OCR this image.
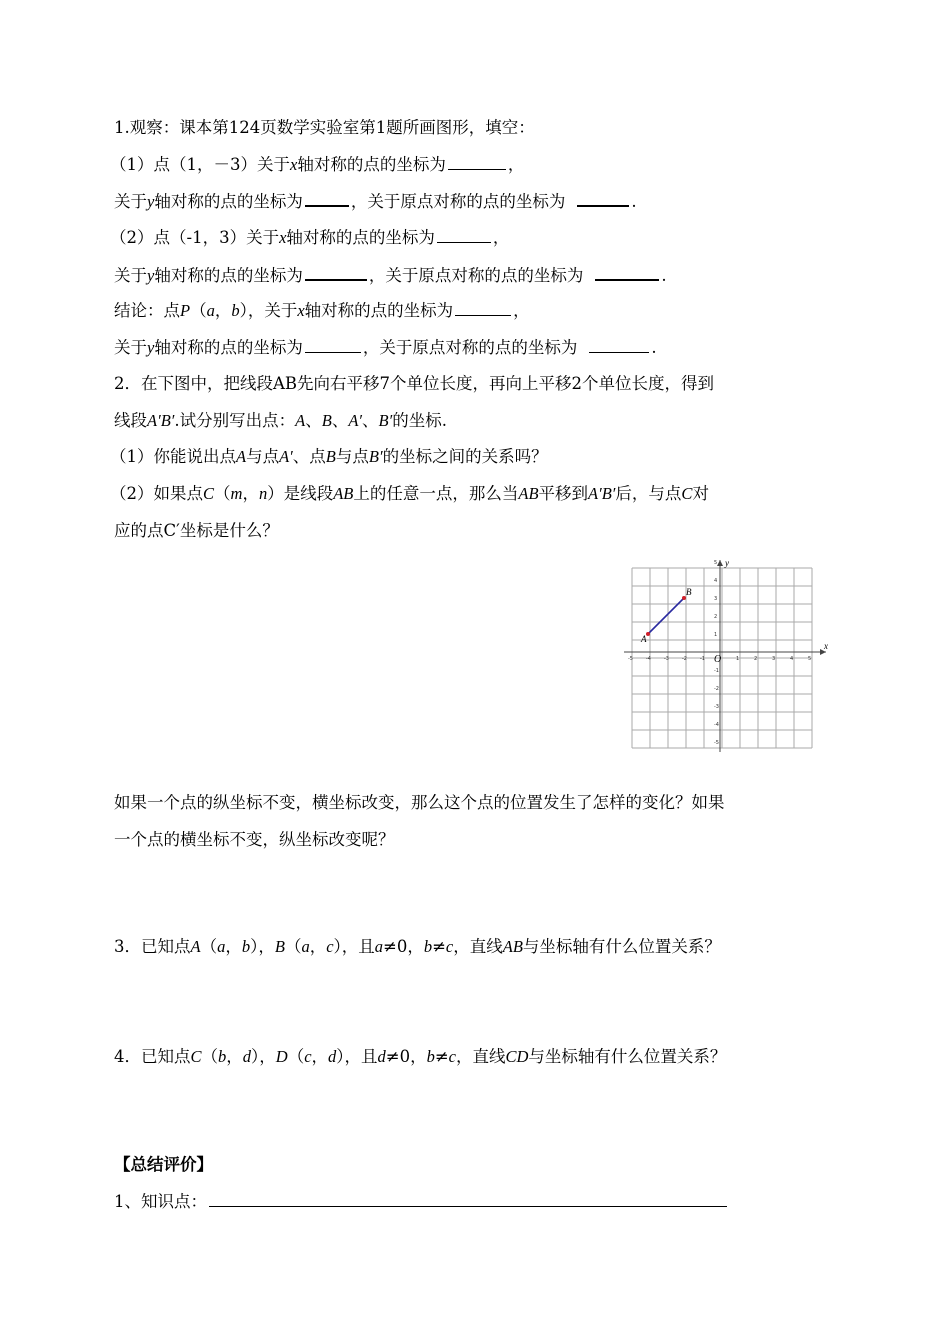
1.观察：课本第124页数学实验室第1题所画图形，填空：
（1）点（1，－3）关于x轴对称的点的坐标为	，
关于y轴对称的点的坐标为	，关于原点对称的点的坐标为	.
（2）点（-1，3）关于x轴对称的点的坐标为	，
关于y轴对称的点的坐标为	，关于原点对称的点的坐标为	.
结论：点P（a，b），关于x轴对称的点的坐标为	，
关于y轴对称的点的坐标为	，关于原点对称的点的坐标为	.
2．在下图中，把线段AB先向右平移7个单位长度，再向上平移2个单位长度，得到
线段A′B′.试分别写出点：A、B、A′、B′的坐标.
（1）你能说出点A与点A′、点B与点B′的坐标之间的关系吗？
（2）如果点C（m，n）是线段AB上的任意一点，那么当AB平移到A′B′后，与点C对
应的点C′坐标是什么？
x
y
O
-5	-4	-3	-2	-1	1	2	3	4	5
5
4
3
2
1
-1
-2
-3
-4
-5
A
B
如果一个点的纵坐标不变，横坐标改变，那么这个点的位置发生了怎样的变化？如果
一个点的横坐标不变，纵坐标改变呢？
3．已知点A（a，b），B（a，c），且a≠0，b≠c，直线AB与坐标轴有什么位置关系？
4．已知点C（b，d），D（c，d），且d≠0，b≠c，直线CD与坐标轴有什么位置关系？
【总结评价】
1、知识点：
